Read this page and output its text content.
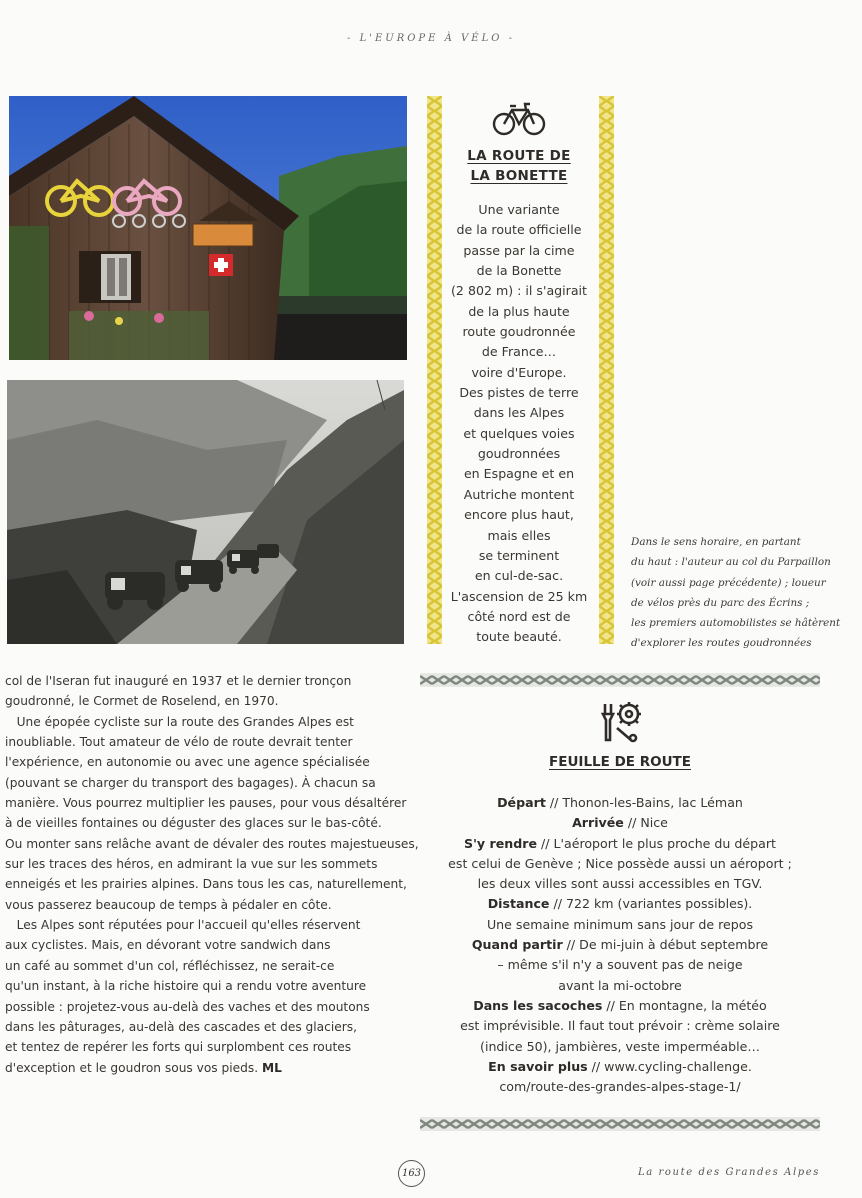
- L'EUROPE À VÉLO -
LA ROUTE DE
LA BONETTE
Une variante
de la route officielle
passe par la cime
de la Bonette
(2 802 m) : il s'agirait
de la plus haute
route goudronnée
de France…
voire d'Europe.
Des pistes de terre
dans les Alpes
et quelques voies
goudronnées
en Espagne et en
Autriche montent
encore plus haut,
mais elles
se terminent
en cul-de-sac.
L'ascension de 25 km
côté nord est de
toute beauté.
Dans le sens horaire, en partant
du haut : l'auteur au col du Parpaillon
(voir aussi page précédente) ; loueur
de vélos près du parc des Écrins ;
les premiers automobilistes se hâtèrent
d'explorer les routes goudronnées
col de l'Iseran fut inauguré en 1937 et le dernier tronçon
goudronné, le Cormet de Roselend, en 1970.
Une épopée cycliste sur la route des Grandes Alpes est
inoubliable. Tout amateur de vélo de route devrait tenter
l'expérience, en autonomie ou avec une agence spécialisée
(pouvant se charger du transport des bagages). À chacun sa
manière. Vous pourrez multiplier les pauses, pour vous désaltérer
à de vieilles fontaines ou déguster des glaces sur le bas-côté.
Ou monter sans relâche avant de dévaler des routes majestueuses,
sur les traces des héros, en admirant la vue sur les sommets
enneigés et les prairies alpines. Dans tous les cas, naturellement,
vous passerez beaucoup de temps à pédaler en côte.
Les Alpes sont réputées pour l'accueil qu'elles réservent
aux cyclistes. Mais, en dévorant votre sandwich dans
un café au sommet d'un col, réfléchissez, ne serait-ce
qu'un instant, à la riche histoire qui a rendu votre aventure
possible : projetez-vous au-delà des vaches et des moutons
dans les pâturages, au-delà des cascades et des glaciers,
et tentez de repérer les forts qui surplombent ces routes
d'exception et le goudron sous vos pieds. ML
FEUILLE DE ROUTE
Départ // Thonon-les-Bains, lac Léman
Arrivée // Nice
S'y rendre // L'aéroport le plus proche du départ
est celui de Genève ; Nice possède aussi un aéroport ;
les deux villes sont aussi accessibles en TGV.
Distance // 722 km (variantes possibles).
Une semaine minimum sans jour de repos
Quand partir // De mi-juin à début septembre
– même s'il n'y a souvent pas de neige
avant la mi-octobre
Dans les sacoches // En montagne, la météo
est imprévisible. Il faut tout prévoir : crème solaire
(indice 50), jambières, veste imperméable…
En savoir plus // www.cycling-challenge.
com/route-des-grandes-alpes-stage-1/
163	La route des Grandes Alpes
